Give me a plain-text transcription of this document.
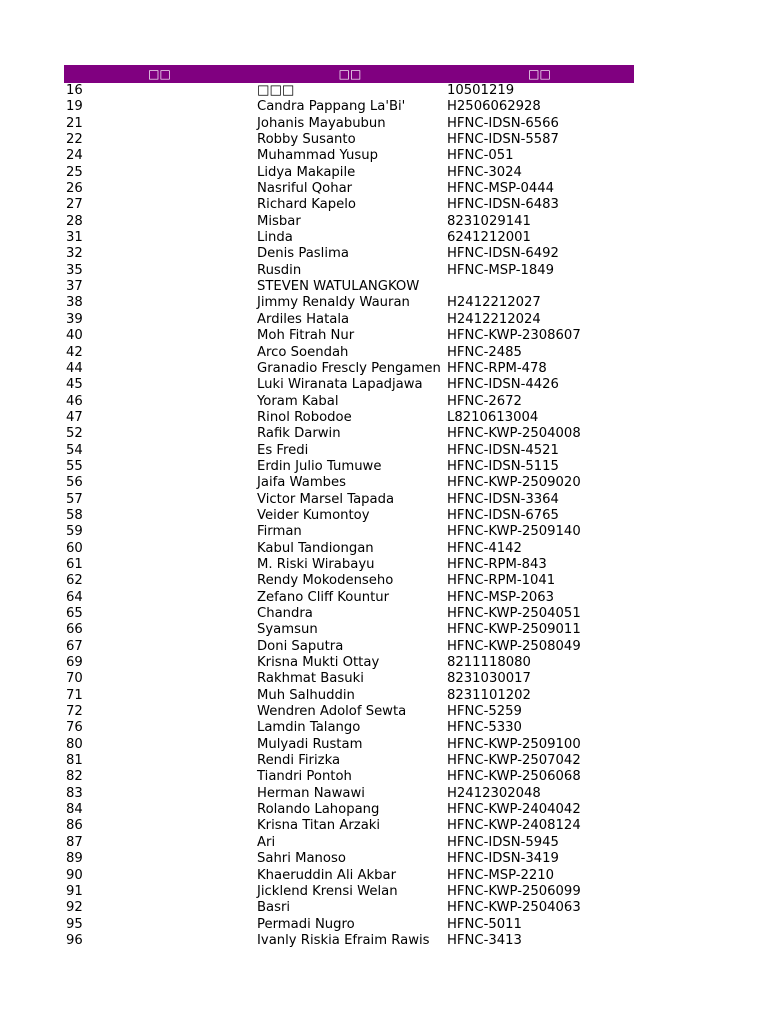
□□	□□	□□
16	□□□	10501219
19	Candra Pappang La'Bi'	H2506062928
21	Johanis Mayabubun	HFNC-IDSN-6566
22	Robby Susanto	HFNC-IDSN-5587
24	Muhammad Yusup	HFNC-051
25	Lidya Makapile	HFNC-3024
26	Nasriful Qohar	HFNC-MSP-0444
27	Richard Kapelo	HFNC-IDSN-6483
28	Misbar	8231029141
31	Linda	6241212001
32	Denis Paslima	HFNC-IDSN-6492
35	Rusdin	HFNC-MSP-1849
37	STEVEN WATULANGKOW	
38	Jimmy Renaldy Wauran	H2412212027
39	Ardiles Hatala	H2412212024
40	Moh Fitrah Nur	HFNC-KWP-2308607
42	Arco Soendah	HFNC-2485
44	Granadio Frescly Pengamen	HFNC-RPM-478
45	Luki Wiranata Lapadjawa	HFNC-IDSN-4426
46	Yoram Kabal	HFNC-2672
47	Rinol Robodoe	L8210613004
52	Rafik Darwin	HFNC-KWP-2504008
54	Es Fredi	HFNC-IDSN-4521
55	Erdin Julio Tumuwe	HFNC-IDSN-5115
56	Jaifa Wambes	HFNC-KWP-2509020
57	Victor Marsel Tapada	HFNC-IDSN-3364
58	Veider Kumontoy	HFNC-IDSN-6765
59	Firman	HFNC-KWP-2509140
60	Kabul Tandiongan	HFNC-4142
61	M. Riski Wirabayu	HFNC-RPM-843
62	Rendy Mokodenseho	HFNC-RPM-1041
64	Zefano Cliff Kountur	HFNC-MSP-2063
65	Chandra	HFNC-KWP-2504051
66	Syamsun	HFNC-KWP-2509011
67	Doni Saputra	HFNC-KWP-2508049
69	Krisna Mukti Ottay	8211118080
70	Rakhmat Basuki	8231030017
71	Muh Salhuddin	8231101202
72	Wendren Adolof Sewta	HFNC-5259
76	Lamdin Talango	HFNC-5330
80	Mulyadi Rustam	HFNC-KWP-2509100
81	Rendi Firizka	HFNC-KWP-2507042
82	Tiandri Pontoh	HFNC-KWP-2506068
83	Herman Nawawi	H2412302048
84	Rolando Lahopang	HFNC-KWP-2404042
86	Krisna Titan Arzaki	HFNC-KWP-2408124
87	Ari	HFNC-IDSN-5945
89	Sahri Manoso	HFNC-IDSN-3419
90	Khaeruddin Ali Akbar	HFNC-MSP-2210
91	Jicklend Krensi Welan	HFNC-KWP-2506099
92	Basri	HFNC-KWP-2504063
95	Permadi Nugro	HFNC-5011
96	Ivanly Riskia Efraim Rawis	HFNC-3413
